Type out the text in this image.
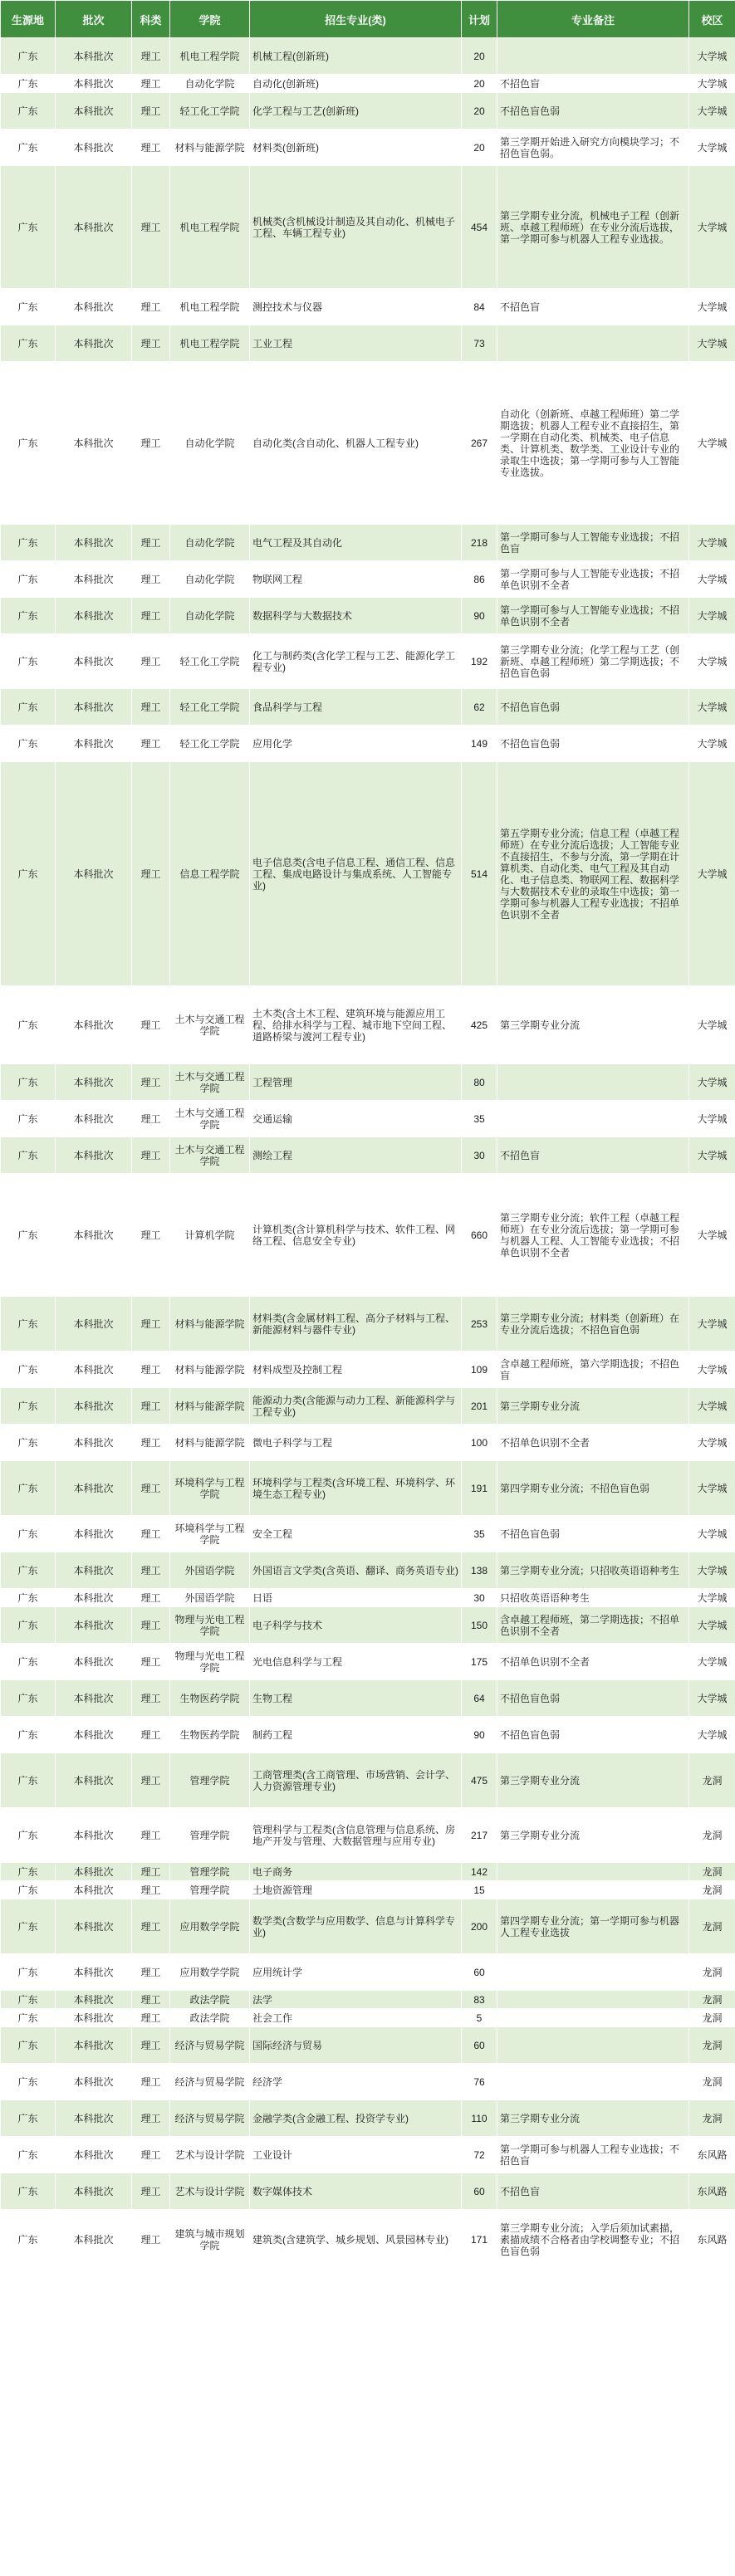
生源地	批次	科类	学院	招生专业(类)	计划	专业备注	校区
广东	本科批次	理工	机电工程学院	机械工程(创新班)	20		大学城
广东	本科批次	理工	自动化学院	自动化(创新班)	20	不招色盲	大学城
广东	本科批次	理工	轻工化工学院	化学工程与工艺(创新班)	20	不招色盲色弱	大学城
广东	本科批次	理工	材料与能源学院	材料类(创新班)	20	第三学期开始进入研究方向模块学习；不招色盲色弱。	大学城
广东	本科批次	理工	机电工程学院	机械类(含机械设计制造及其自动化、机械电子工程、车辆工程专业)	454	第三学期专业分流，机械电子工程（创新班、卓越工程师班）在专业分流后选拔，第一学期可参与机器人工程专业选拔。	大学城
广东	本科批次	理工	机电工程学院	测控技术与仪器	84	不招色盲	大学城
广东	本科批次	理工	机电工程学院	工业工程	73		大学城
广东	本科批次	理工	自动化学院	自动化类(含自动化、机器人工程专业)	267	自动化（创新班、卓越工程师班）第二学期选拔；机器人工程专业不直接招生，第一学期在自动化类、机械类、电子信息类、计算机类、数学类、工业设计专业的录取生中选拔；第一学期可参与人工智能专业选拔。	大学城
广东	本科批次	理工	自动化学院	电气工程及其自动化	218	第一学期可参与人工智能专业选拔；不招色盲	大学城
广东	本科批次	理工	自动化学院	物联网工程	86	第一学期可参与人工智能专业选拔；不招单色识别不全者	大学城
广东	本科批次	理工	自动化学院	数据科学与大数据技术	90	第一学期可参与人工智能专业选拔；不招单色识别不全者	大学城
广东	本科批次	理工	轻工化工学院	化工与制药类(含化学工程与工艺、能源化学工程专业)	192	第三学期专业分流；化学工程与工艺（创新班、卓越工程师班）第二学期选拔；不招色盲色弱	大学城
广东	本科批次	理工	轻工化工学院	食品科学与工程	62	不招色盲色弱	大学城
广东	本科批次	理工	轻工化工学院	应用化学	149	不招色盲色弱	大学城
广东	本科批次	理工	信息工程学院	电子信息类(含电子信息工程、通信工程、信息工程、集成电路设计与集成系统、人工智能专业)	514	第五学期专业分流；信息工程（卓越工程师班）在专业分流后选拔；人工智能专业不直接招生，不参与分流，第一学期在计算机类、自动化类、电气工程及其自动化、电子信息类、物联网工程、数据科学与大数据技术专业的录取生中选拔；第一学期可参与机器人工程专业选拔；不招单色识别不全者	大学城
广东	本科批次	理工	土木与交通工程学院	土木类(含土木工程、建筑环境与能源应用工程、给排水科学与工程、城市地下空间工程、道路桥梁与渡河工程专业)	425	第三学期专业分流	大学城
广东	本科批次	理工	土木与交通工程学院	工程管理	80		大学城
广东	本科批次	理工	土木与交通工程学院	交通运输	35		大学城
广东	本科批次	理工	土木与交通工程学院	测绘工程	30	不招色盲	大学城
广东	本科批次	理工	计算机学院	计算机类(含计算机科学与技术、软件工程、网络工程、信息安全专业)	660	第三学期专业分流；软件工程（卓越工程师班）在专业分流后选拔；第一学期可参与机器人工程、人工智能专业选拔；不招单色识别不全者	大学城
广东	本科批次	理工	材料与能源学院	材料类(含金属材料工程、高分子材料与工程、新能源材料与器件专业)	253	第三学期专业分流；材料类（创新班）在专业分流后选拔；不招色盲色弱	大学城
广东	本科批次	理工	材料与能源学院	材料成型及控制工程	109	含卓越工程师班，第六学期选拔；不招色盲	大学城
广东	本科批次	理工	材料与能源学院	能源动力类(含能源与动力工程、新能源科学与工程专业)	201	第三学期专业分流	大学城
广东	本科批次	理工	材料与能源学院	微电子科学与工程	100	不招单色识别不全者	大学城
广东	本科批次	理工	环境科学与工程学院	环境科学与工程类(含环境工程、环境科学、环境生态工程专业)	191	第四学期专业分流；不招色盲色弱	大学城
广东	本科批次	理工	环境科学与工程学院	安全工程	35	不招色盲色弱	大学城
广东	本科批次	理工	外国语学院	外国语言文学类(含英语、翻译、商务英语专业)	138	第三学期专业分流；只招收英语语种考生	大学城
广东	本科批次	理工	外国语学院	日语	30	只招收英语语种考生	大学城
广东	本科批次	理工	物理与光电工程学院	电子科学与技术	150	含卓越工程师班，第二学期选拔；不招单色识别不全者	大学城
广东	本科批次	理工	物理与光电工程学院	光电信息科学与工程	175	不招单色识别不全者	大学城
广东	本科批次	理工	生物医药学院	生物工程	64	不招色盲色弱	大学城
广东	本科批次	理工	生物医药学院	制药工程	90	不招色盲色弱	大学城
广东	本科批次	理工	管理学院	工商管理类(含工商管理、市场营销、会计学、人力资源管理专业)	475	第三学期专业分流	龙洞
广东	本科批次	理工	管理学院	管理科学与工程类(含信息管理与信息系统、房地产开发与管理、大数据管理与应用专业)	217	第三学期专业分流	龙洞
广东	本科批次	理工	管理学院	电子商务	142		龙洞
广东	本科批次	理工	管理学院	土地资源管理	15		龙洞
广东	本科批次	理工	应用数学学院	数学类(含数学与应用数学、信息与计算科学专业)	200	第四学期专业分流；第一学期可参与机器人工程专业选拔	龙洞
广东	本科批次	理工	应用数学学院	应用统计学	60		龙洞
广东	本科批次	理工	政法学院	法学	83		龙洞
广东	本科批次	理工	政法学院	社会工作	5		龙洞
广东	本科批次	理工	经济与贸易学院	国际经济与贸易	60		龙洞
广东	本科批次	理工	经济与贸易学院	经济学	76		龙洞
广东	本科批次	理工	经济与贸易学院	金融学类(含金融工程、投资学专业)	110	第三学期专业分流	龙洞
广东	本科批次	理工	艺术与设计学院	工业设计	72	第一学期可参与机器人工程专业选拔；不招色盲	东风路
广东	本科批次	理工	艺术与设计学院	数字媒体技术	60	不招色盲	东风路
广东	本科批次	理工	建筑与城市规划学院	建筑类(含建筑学、城乡规划、风景园林专业)	171	第三学期专业分流；入学后须加试素描，素描成绩不合格者由学校调整专业；不招色盲色弱	东风路
